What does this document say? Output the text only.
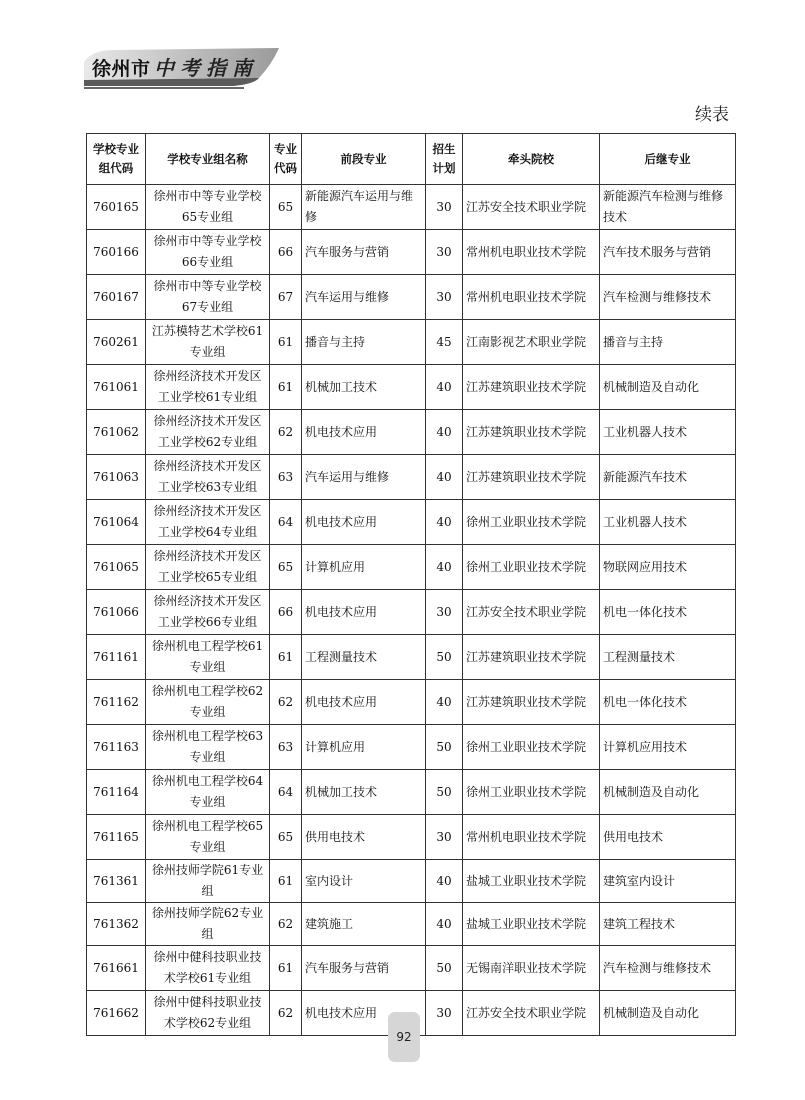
徐州市 中考指南
续表
学校专业组代码	学校专业组名称	专业代码	前段专业	招生计划	牵头院校	后继专业
760165	徐州市中等专业学校65专业组	65	新能源汽车运用与维修	30	江苏安全技术职业学院	新能源汽车检测与维修技术
760166	徐州市中等专业学校66专业组	66	汽车服务与营销	30	常州机电职业技术学院	汽车技术服务与营销
760167	徐州市中等专业学校67专业组	67	汽车运用与维修	30	常州机电职业技术学院	汽车检测与维修技术
760261	江苏模特艺术学校61专业组	61	播音与主持	45	江南影视艺术职业学院	播音与主持
761061	徐州经济技术开发区工业学校61专业组	61	机械加工技术	40	江苏建筑职业技术学院	机械制造及自动化
761062	徐州经济技术开发区工业学校62专业组	62	机电技术应用	40	江苏建筑职业技术学院	工业机器人技术
761063	徐州经济技术开发区工业学校63专业组	63	汽车运用与维修	40	江苏建筑职业技术学院	新能源汽车技术
761064	徐州经济技术开发区工业学校64专业组	64	机电技术应用	40	徐州工业职业技术学院	工业机器人技术
761065	徐州经济技术开发区工业学校65专业组	65	计算机应用	40	徐州工业职业技术学院	物联网应用技术
761066	徐州经济技术开发区工业学校66专业组	66	机电技术应用	30	江苏安全技术职业学院	机电一体化技术
761161	徐州机电工程学校61专业组	61	工程测量技术	50	江苏建筑职业技术学院	工程测量技术
761162	徐州机电工程学校62专业组	62	机电技术应用	40	江苏建筑职业技术学院	机电一体化技术
761163	徐州机电工程学校63专业组	63	计算机应用	50	徐州工业职业技术学院	计算机应用技术
761164	徐州机电工程学校64专业组	64	机械加工技术	50	徐州工业职业技术学院	机械制造及自动化
761165	徐州机电工程学校65专业组	65	供用电技术	30	常州机电职业技术学院	供用电技术
761361	徐州技师学院61专业组	61	室内设计	40	盐城工业职业技术学院	建筑室内设计
761362	徐州技师学院62专业组	62	建筑施工	40	盐城工业职业技术学院	建筑工程技术
761661	徐州中健科技职业技术学校61专业组	61	汽车服务与营销	50	无锡南洋职业技术学院	汽车检测与维修技术
761662	徐州中健科技职业技术学校62专业组	62	机电技术应用	30	江苏安全技术职业学院	机械制造及自动化
92
